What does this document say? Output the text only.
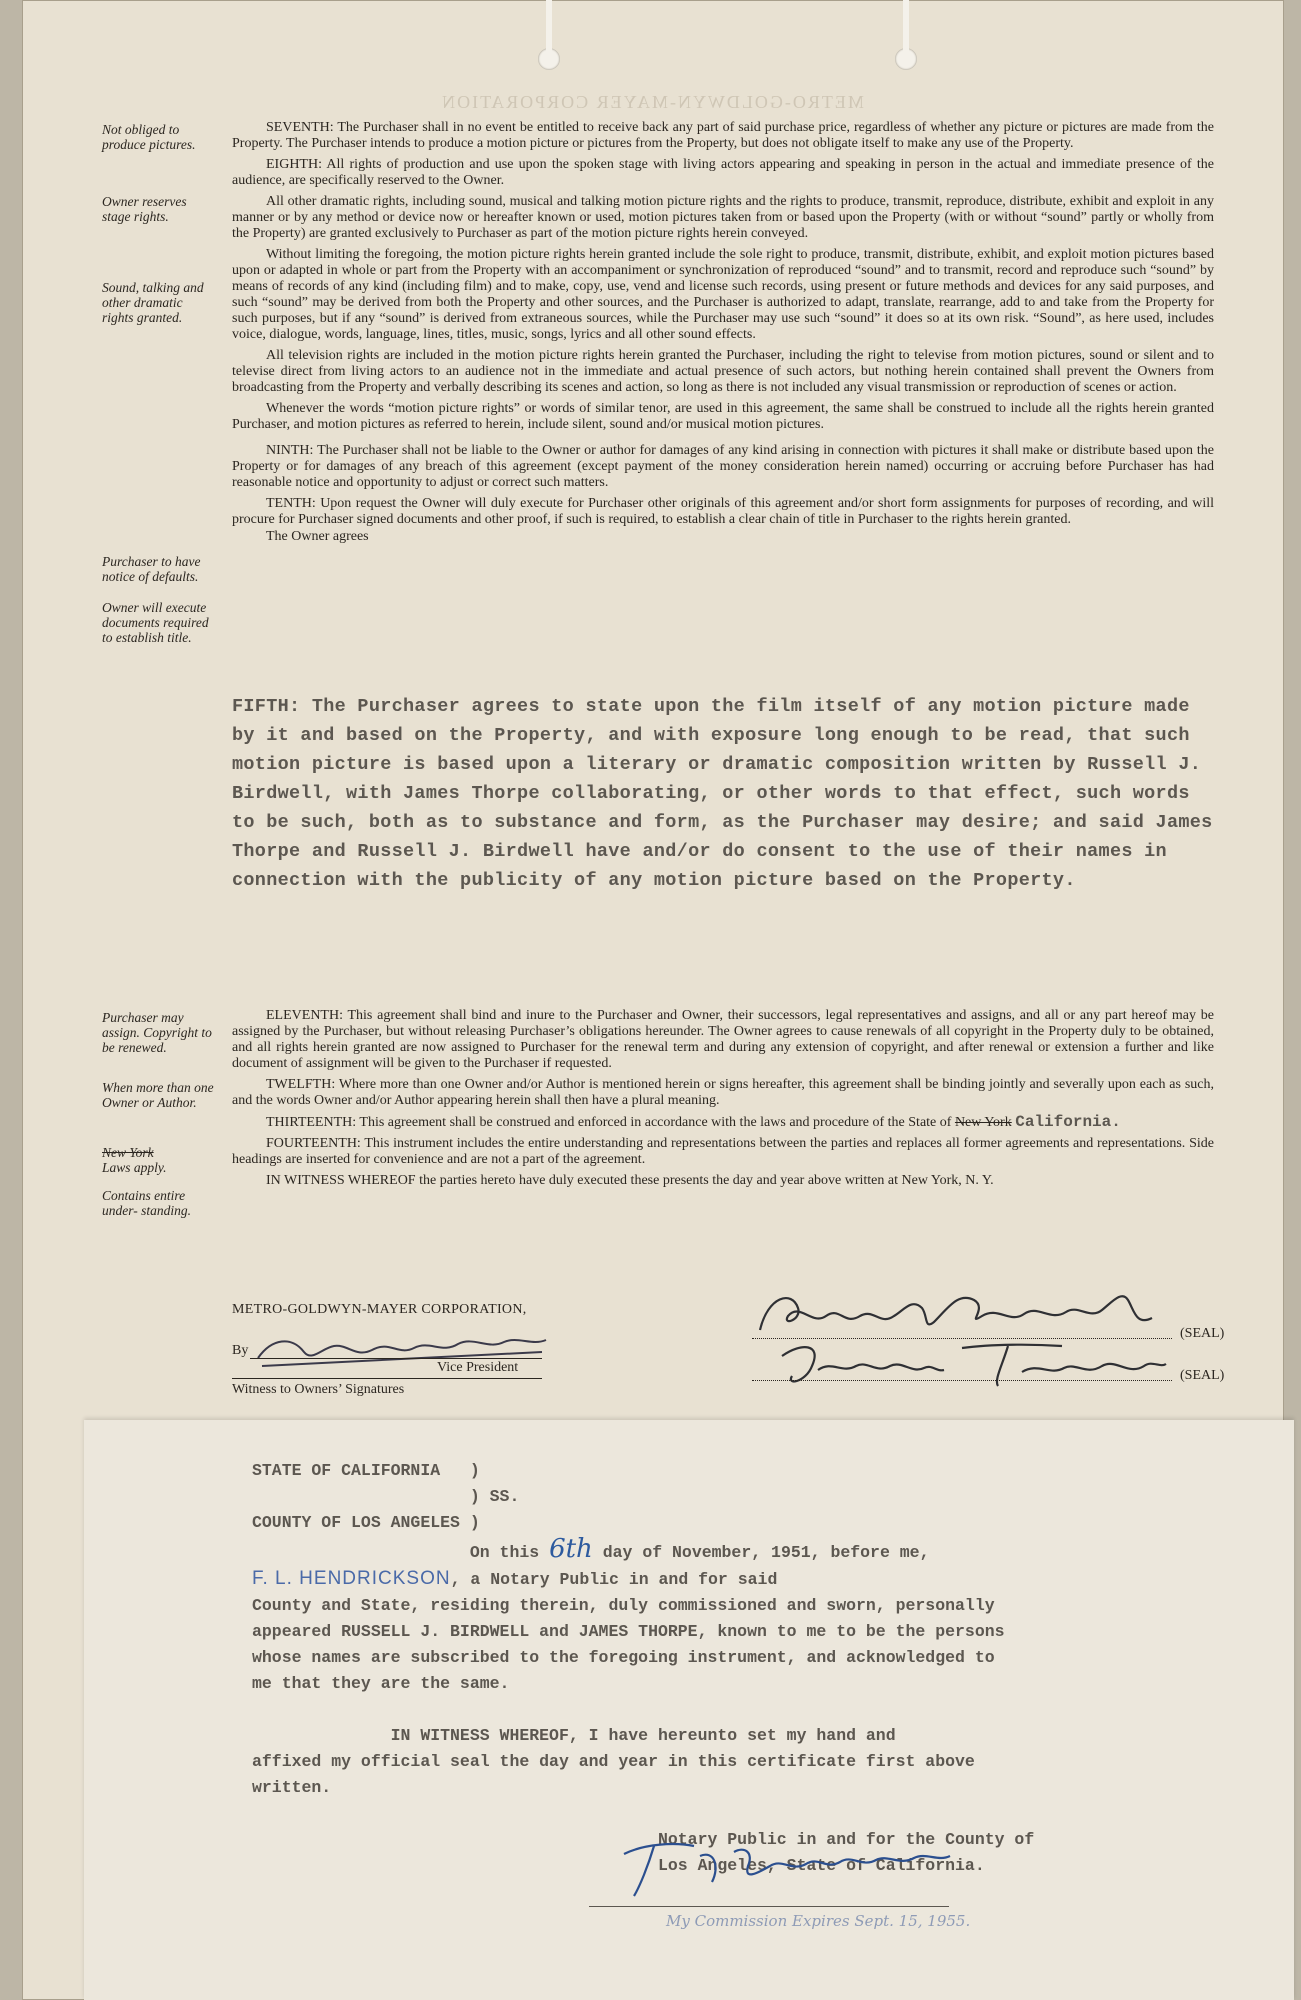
METRO-GOLDWYN-MAYER CORPORATION
Not obliged to produce pictures.
Owner reserves stage rights.
Sound, talking and other dramatic rights granted.
Purchaser to have notice of defaults.
Owner will execute documents required to establish title.
Purchaser may assign. Copyright to be renewed.
When more than one Owner or Author.
New York
Laws apply.
Contains entire under- standing.

SEVENTH: The Purchaser shall in no event be entitled to receive back any part of said purchase price, regardless of whether any picture or pictures are made from the Property. The Purchaser intends to produce a motion picture or pictures from the Property, but does not obligate itself to make any use of the Property.

EIGHTH: All rights of production and use upon the spoken stage with living actors appearing and speaking in person in the actual and immediate presence of the audience, are specifically reserved to the Owner.

All other dramatic rights, including sound, musical and talking motion picture rights and the rights to produce, transmit, reproduce, distribute, exhibit and exploit in any manner or by any method or device now or hereafter known or used, motion pictures taken from or based upon the Property (with or without “sound” partly or wholly from the Property) are granted exclusively to Purchaser as part of the motion picture rights herein conveyed.

Without limiting the foregoing, the motion picture rights herein granted include the sole right to produce, transmit, distribute, exhibit, and exploit motion pictures based upon or adapted in whole or part from the Property with an accompaniment or synchronization of reproduced “sound” and to transmit, record and reproduce such “sound” by means of records of any kind (including film) and to make, copy, use, vend and license such records, using present or future methods and devices for any said purposes, and such “sound” may be derived from both the Property and other sources, and the Purchaser is authorized to adapt, translate, rearrange, add to and take from the Property for such purposes, but if any “sound” is derived from extraneous sources, while the Purchaser may use such “sound” it does so at its own risk. “Sound”, as here used, includes voice, dialogue, words, language, lines, titles, music, songs, lyrics and all other sound effects.

All television rights are included in the motion picture rights herein granted the Purchaser, including the right to televise from motion pictures, sound or silent and to televise direct from living actors to an audience not in the immediate and actual presence of such actors, but nothing herein contained shall prevent the Owners from broadcasting from the Property and verbally describing its scenes and action, so long as there is not included any visual transmission or reproduction of scenes or action.

Whenever the words “motion picture rights” or words of similar tenor, are used in this agreement, the same shall be construed to include all the rights herein granted Purchaser, and motion pictures as referred to herein, include silent, sound and/or musical motion pictures.

NINTH: The Purchaser shall not be liable to the Owner or author for damages of any kind arising in connection with pictures it shall make or distribute based upon the Property or for damages of any breach of this agreement (except payment of the money consideration herein named) occurring or accruing before Purchaser has had reasonable notice and opportunity to adjust or correct such matters.

TENTH: Upon request the Owner will duly execute for Purchaser other originals of this agreement and/or short form assignments for purposes of recording, and will procure for Purchaser signed documents and other proof, if such is required, to establish a clear chain of title in Purchaser to the rights herein granted.

The Owner agrees

FIFTH: The Purchaser agrees to state upon the film itself of any motion picture made by it and based on the Property, and with exposure long enough to be read, that such motion picture is based upon a literary or dramatic composition written by Russell J. Birdwell, with James Thorpe collaborating, or other words to that effect, such words to be such, both as to substance and form, as the Purchaser may desire; and said James Thorpe and Russell J. Birdwell have and/or do consent to the use of their names in connection with the publicity of any motion picture based on the Property.

ELEVENTH: This agreement shall bind and inure to the Purchaser and Owner, their successors, legal representatives and assigns, and all or any part hereof may be assigned by the Purchaser, but without releasing Purchaser’s obligations hereunder. The Owner agrees to cause renewals of all copyright in the Property duly to be obtained, and all rights herein granted are now assigned to Purchaser for the renewal term and during any extension of copyright, and after renewal or extension a further and like document of assignment will be given to the Purchaser if requested.

TWELFTH: Where more than one Owner and/or Author is mentioned herein or signs hereafter, this agreement shall be binding jointly and severally upon each as such, and the words Owner and/or Author appearing herein shall then have a plural meaning.

THIRTEENTH: This agreement shall be construed and enforced in accordance with the laws and procedure of the State of New York California.

FOURTEENTH: This instrument includes the entire understanding and representations between the parties and replaces all former agreements and representations. Side headings are inserted for convenience and are not a part of the agreement.

IN WITNESS WHEREOF the parties hereto have duly executed these presents the day and year above written at New York, N. Y.

METRO-GOLDWYN-MAYER CORPORATION,
By
Vice President
Witness to Owners’ Signatures
(SEAL)
(SEAL)
STATE OF CALIFORNIA   )
) SS.
COUNTY OF LOS ANGELES )
On this 6th day of November, 1951, before me,
F. L. HENDRICKSON, a Notary Public in and for said
County and State, residing therein, duly commissioned and sworn, personally
appeared RUSSELL J. BIRDWELL and JAMES THORPE, known to me to be the persons
whose names are subscribed to the foregoing instrument, and acknowledged to
me that they are the same.

IN WITNESS WHEREOF, I have hereunto set my hand and
affixed my official seal the day and year in this certificate first above
written.

Notary Public in and for the County of
Los Angeles, State of California.
My Commission Expires Sept. 15, 1955.
